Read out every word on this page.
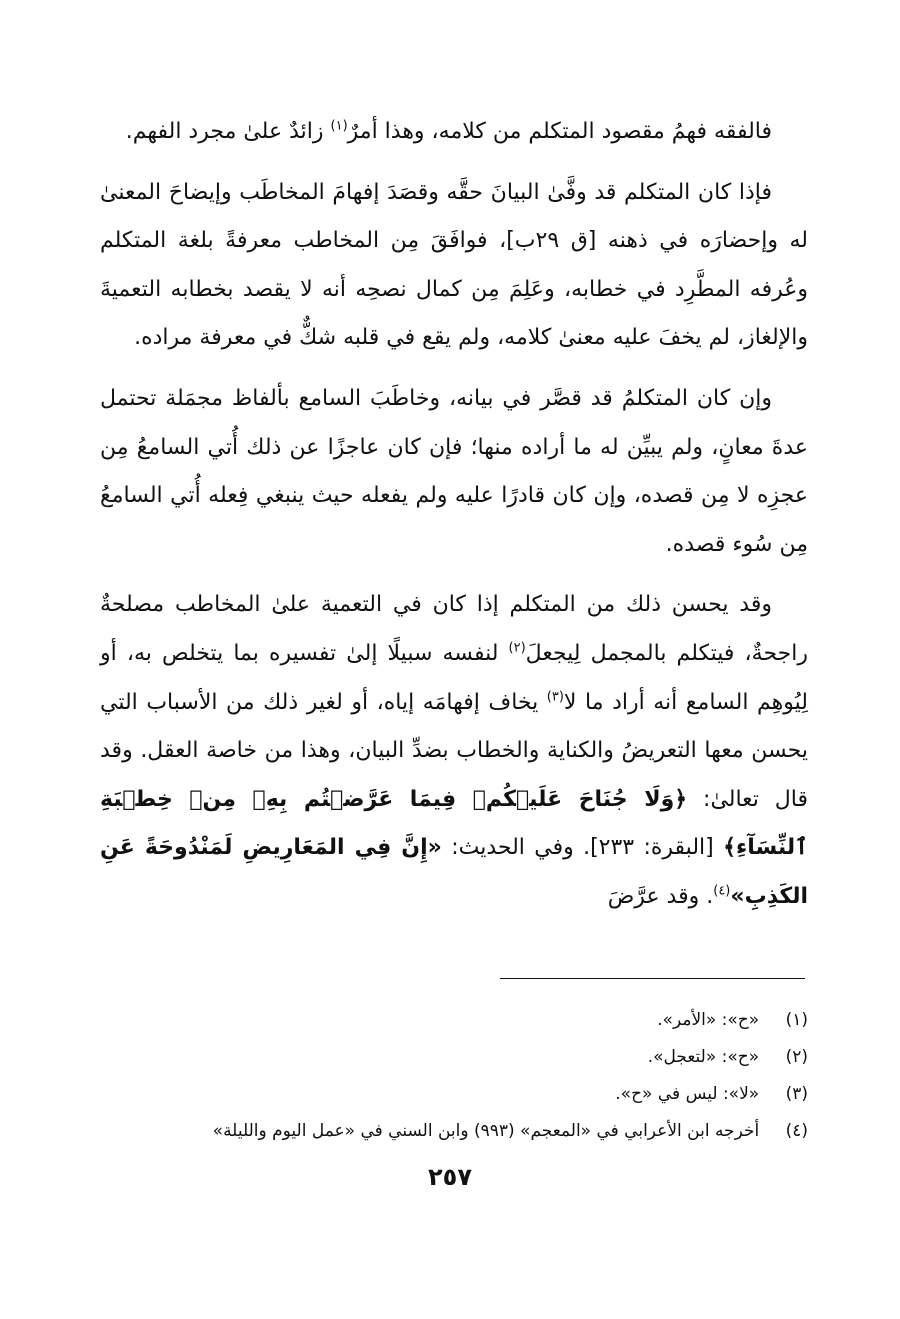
فالفقه فهمُ مقصود المتكلم من كلامه، وهذا أمرٌ$^{(١)}$ زائدٌ علىٰ مجرد الفهم.

فإذا كان المتكلم قد وفَّىٰ البيانَ حقَّه وقصَدَ إفهامَ المخاطَب وإيضاحَ المعنىٰ له وإحضارَه في ذهنه [ق ٢٩ب]، فوافَقَ مِن المخاطب معرفةً بلغة المتكلم وعُرفه المطَّرِد في خطابه، وعَلِمَ مِن كمال نصحِه أنه لا يقصد بخطابه التعميةَ والإلغاز، لم يخفَ عليه معنىٰ كلامه، ولم يقع في قلبه شكٌّ في معرفة مراده.

وإن كان المتكلمُ قد قصَّر في بيانه، وخاطَبَ السامع بألفاظ مجمَلة تحتمل عدةَ معانٍ، ولم يبيِّن له ما أراده منها؛ فإن كان عاجزًا عن ذلك أُتي السامعُ مِن عجزِه لا مِن قصده، وإن كان قادرًا عليه ولم يفعله حيث ينبغي فِعله أُتي السامعُ مِن سُوء قصده.

وقد يحسن ذلك من المتكلم إذا كان في التعمية علىٰ المخاطب مصلحةٌ راجحةٌ، فيتكلم بالمجمل لِيجعلَ$^{(٢)}$ لنفسه سبيلًا إلىٰ تفسيره بما يتخلص به، أو لِيُوهِم السامع أنه أراد ما لا$^{(٣)}$ يخاف إفهامَه إياه، أو لغير ذلك من الأسباب التي يحسن معها التعريضُ والكناية والخطاب بضدِّ البيان، وهذا من خاصة العقل. وقد قال تعالىٰ: ﴿وَلَا جُنَاحَ عَلَيۡكُمۡ فِيمَا عَرَّضۡتُم بِهِۦ مِنۡ خِطۡبَةِ ٱلنِّسَآءِ﴾ [البقرة: ٢٣٣]. وفي الحديث: «إِنَّ فِي المَعَارِيضِ لَمَنْدُوحَةً عَنِ الكَذِبِ»$^{(٤)}$. وقد عرَّضَ

(١)  «ح»: «الأمر».
(٢)  «ح»: «لتعجل».
(٣)  «لا»: ليس في «ح».
(٤)  أخرجه ابن الأعرابي في «المعجم» (٩٩٣) وابن السني في «عمل اليوم والليلة»
٢٥٧
